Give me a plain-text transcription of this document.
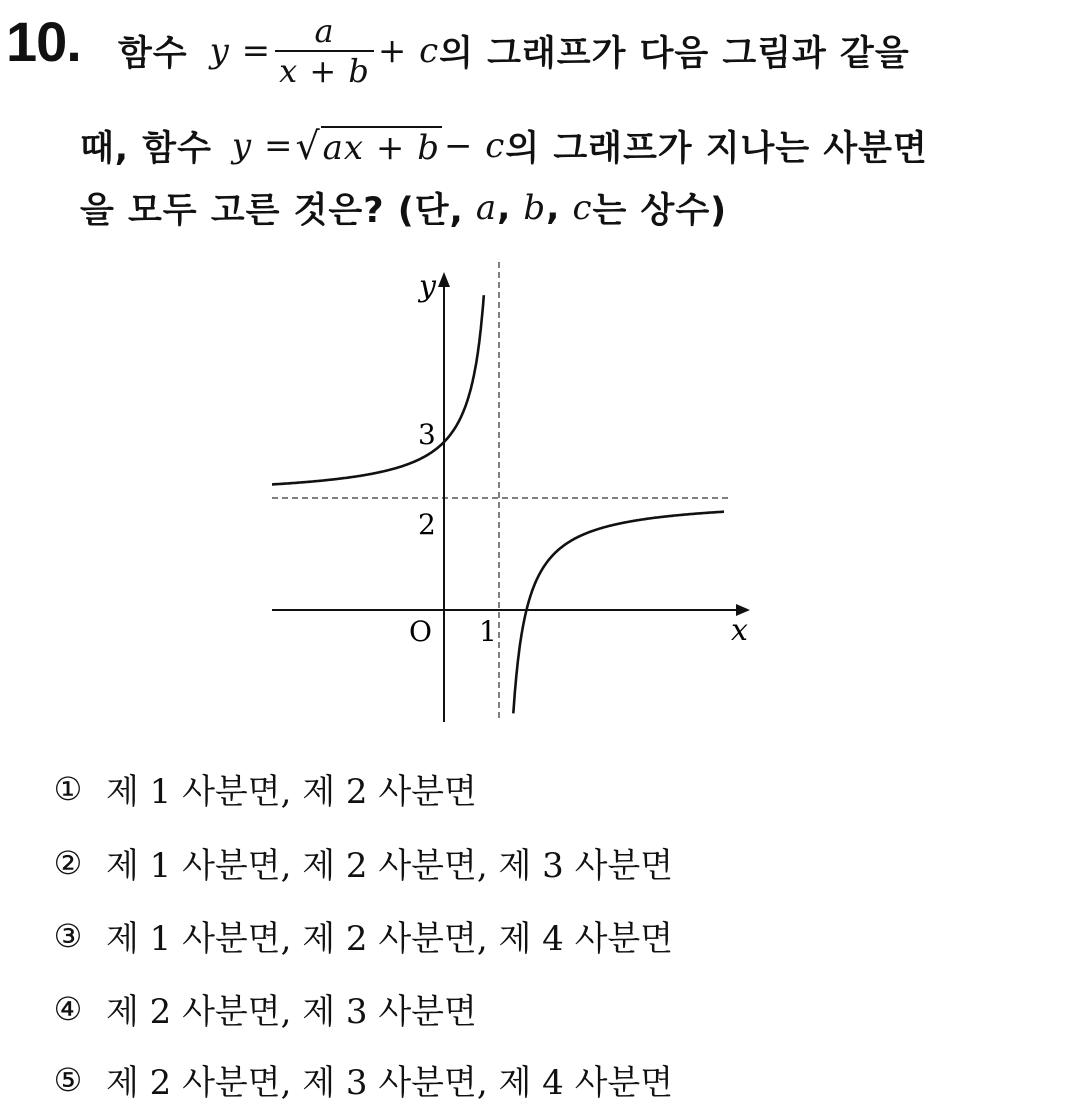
10. 함수 $y = \frac{a}{x + b} + c$ 의 그래프가 다음 그림과 같을
때, 함수 y = √ ax + b − c 의 그래프가 지나는 사분면
을 모두 고른 것은? (단, a , b , c 는 상수)
y
x
O 1
3
2
① 제 1 사분면, 제 2 사분면
② 제 1 사분면, 제 2 사분면, 제 3 사분면
③ 제 1 사분면, 제 2 사분면, 제 4 사분면
④ 제 2 사분면, 제 3 사분면
⑤ 제 2 사분면, 제 3 사분면, 제 4 사분면
